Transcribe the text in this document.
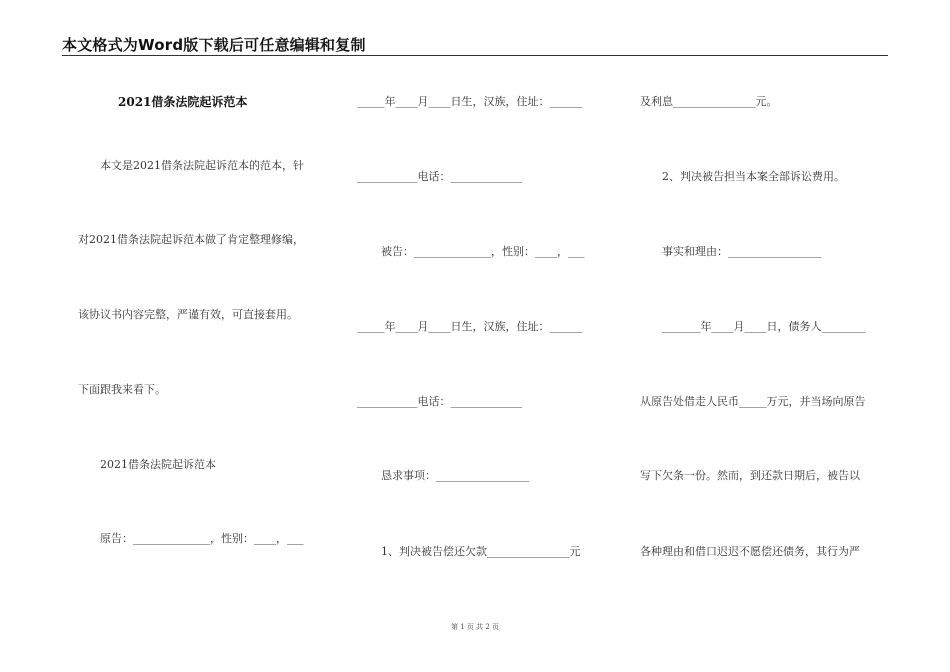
本文格式为Word版下载后可任意编辑和复制
2021借条法院起诉范本
本文是2021借条法院起诉范本的范本，针
对2021借条法院起诉范本做了肯定整理修编，
该协议书内容完整，严谨有效，可直接套用。
下面跟我来看下。
2021借条法院起诉范本
原告：______________，性别：____，___
_____年____月____日生，汉族，住址：______
___________电话：_____________
被告：______________，性别：____，___
_____年____月____日生，汉族，住址：______
___________电话：_____________
恳求事项：_________________
1、判决被告偿还欠款_______________元
及利息_______________元。
2、判决被告担当本案全部诉讼费用。
事实和理由：_________________
_______年____月____日，债务人________
从原告处借走人民币_____万元，并当场向原告
写下欠条一份。然而，到还款日期后，被告以
各种理由和借口迟迟不愿偿还债务，其行为严
第 1 页 共 2 页
